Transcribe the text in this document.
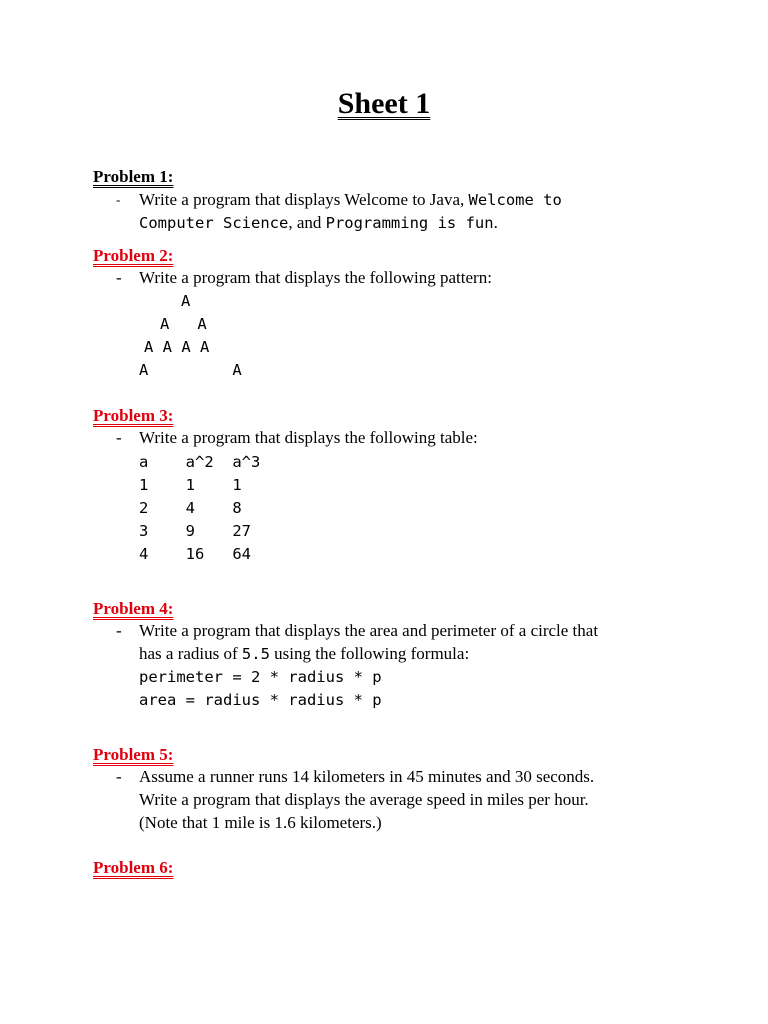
Sheet 1
Problem 1:
- Write a program that displays Welcome to Java, Welcome to
Computer Science, and Programming is fun.
Problem 2:
- Write a program that displays the following pattern:
A
A   A
A A A A
A         A
Problem 3:
- Write a program that displays the following table:
a    a^2  a^3
1    1    1
2    4    8
3    9    27
4    16   64
Problem 4:
- Write a program that displays the area and perimeter of a circle that
has a radius of 5.5 using the following formula:
perimeter = 2 * radius * p
area = radius * radius * p
Problem 5:
- Assume a runner runs 14 kilometers in 45 minutes and 30 seconds.
Write a program that displays the average speed in miles per hour.
(Note that 1 mile is 1.6 kilometers.)
Problem 6:
